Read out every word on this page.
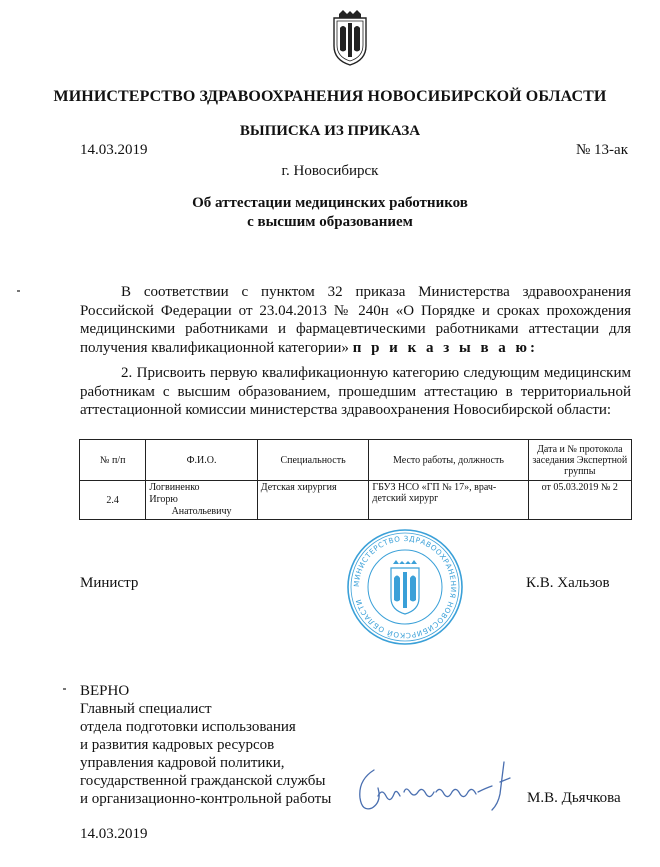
МИНИСТЕРСТВО ЗДРАВООХРАНЕНИЯ НОВОСИБИРСКОЙ ОБЛАСТИ
ВЫПИСКА ИЗ ПРИКАЗА
14.03.2019	№ 13-ак
г. Новосибирск
Об аттестации медицинских работников
с высшим образованием
В соответствии с пунктом 32 приказа Министерства здравоохранения Российской Федерации от 23.04.2013 № 240н «О Порядке и сроках прохождения медицинскими работниками и фармацевтическими работниками аттестации для получения квалификационной категории» п р и к а з ы в а ю:
2. Присвоить первую квалификационную категорию следующим медицинским работникам с высшим образованием, прошедшим аттестацию в территориальной аттестационной комиссии министерства здравоохранения Новосибирской области:
№ п/п	Ф.И.О.	Специальность	Место работы, должность	Дата и № протокола заседания Экспертной группы
2.4	Логвиненко
Игорю
Анатольевичу	Детская хирургия	ГБУЗ НСО «ГП № 17», врач-детский хирург	от 05.03.2019 № 2
МИНИСТЕРСТВО ЗДРАВООХРАНЕНИЯ НОВОСИБИРСКОЙ ОБЛАСТИ
Министр	К.В. Хальзов
ВЕРНО
Главный специалист
отдела подготовки использования
и развития кадровых ресурсов
управления кадровой политики,
государственной гражданской службы
и организационно-контрольной работы	М.В. Дьячкова
14.03.2019
